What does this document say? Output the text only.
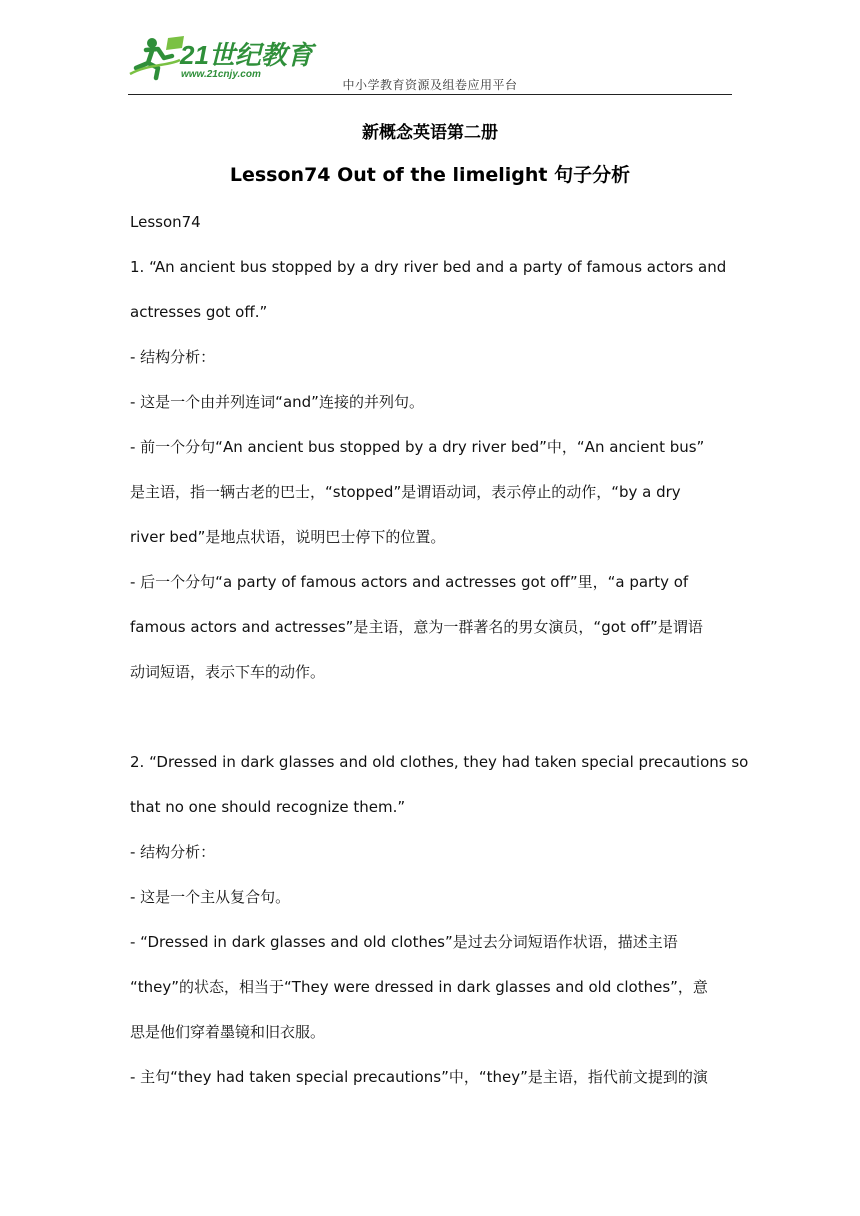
21世纪教育
www.21cnjy.com
中小学教育资源及组卷应用平台
新概念英语第二册
Lesson74 Out of the limelight 句子分析
Lesson74
1. “An ancient bus stopped by a dry river bed and a party of famous actors and
actresses got off.”
- 结构分析：
- 这是一个由并列连词“and”连接的并列句。
- 前一个分句“An ancient bus stopped by a dry river bed”中，“An ancient bus”
是主语，指一辆古老的巴士，“stopped”是谓语动词，表示停止的动作，“by a dry
river bed”是地点状语，说明巴士停下的位置。
- 后一个分句“a party of famous actors and actresses got off”里，“a party of
famous actors and actresses”是主语，意为一群著名的男女演员，“got off”是谓语
动词短语，表示下车的动作。
2. “Dressed in dark glasses and old clothes, they had taken special precautions so
that no one should recognize them.”
- 结构分析：
- 这是一个主从复合句。
- “Dressed in dark glasses and old clothes”是过去分词短语作状语，描述主语
“they”的状态，相当于“They were dressed in dark glasses and old clothes”，意
思是他们穿着墨镜和旧衣服。
- 主句“they had taken special precautions”中，“they”是主语，指代前文提到的演
